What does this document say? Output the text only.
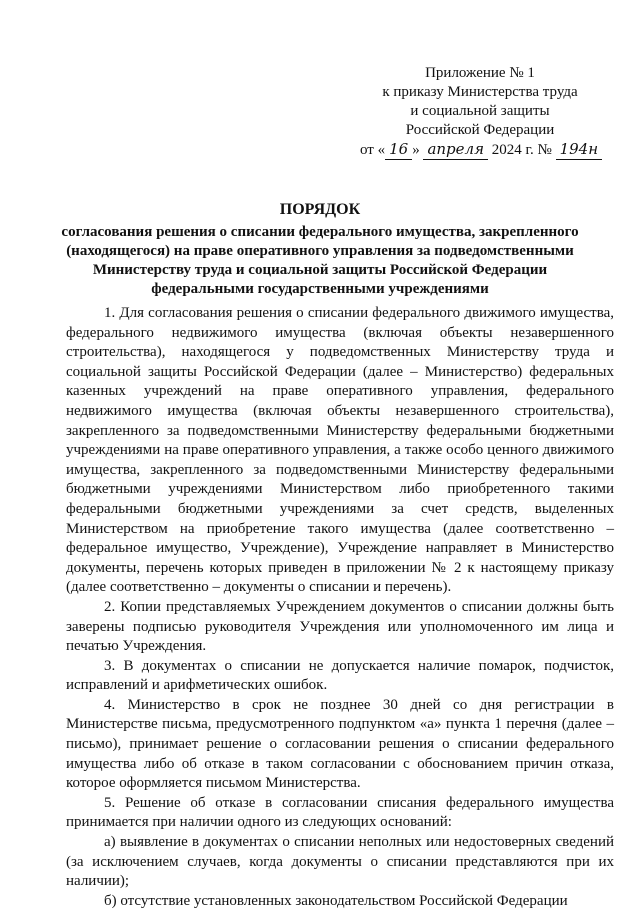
Приложение № 1
к приказу Министерства труда
и социальной защиты
Российской Федерации
от « 16 » апреля 2024 г. № 194н
ПОРЯДОК
согласования решения о списании федерального имущества, закрепленного
(находящегося) на праве оперативного управления за подведомственными
Министерству труда и социальной защиты Российской Федерации
федеральными государственными учреждениями

1. Для согласования решения о списании федерального движимого имущества, федерального недвижимого имущества (включая объекты незавершенного строительства), находящегося у подведомственных Министерству труда и социальной защиты Российской Федерации (далее – Министерство) федеральных казенных учреждений на праве оперативного управления, федерального недвижимого имущества (включая объекты незавершенного строительства), закрепленного за подведомственными Министерству федеральными бюджетными учреждениями на праве оперативного управления, а также особо ценного движимого имущества, закрепленного за подведомственными Министерству федеральными бюджетными учреждениями Министерством либо приобретенного такими федеральными бюджетными учреждениями за счет средств, выделенных Министерством на приобретение такого имущества (далее соответственно – федеральное имущество, Учреждение), Учреждение направляет в Министерство документы, перечень которых приведен в приложении № 2 к настоящему приказу (далее соответственно – документы о списании и перечень).

2. Копии представляемых Учреждением документов о списании должны быть заверены подписью руководителя Учреждения или уполномоченного им лица и печатью Учреждения.

3. В документах о списании не допускается наличие помарок, подчисток, исправлений и арифметических ошибок.

4. Министерство в срок не позднее 30 дней со дня регистрации в Министерстве письма, предусмотренного подпунктом «а» пункта 1 перечня (далее – письмо), принимает решение о согласовании решения о списании федерального имущества либо об отказе в таком согласовании с обоснованием причин отказа, которое оформляется письмом Министерства.

5. Решение об отказе в согласовании списания федерального имущества принимается при наличии одного из следующих оснований:

а) выявление в документах о списании неполных или недостоверных сведений (за исключением случаев, когда документы о списании представляются при их наличии);

б) отсутствие установленных законодательством Российской Федерации
